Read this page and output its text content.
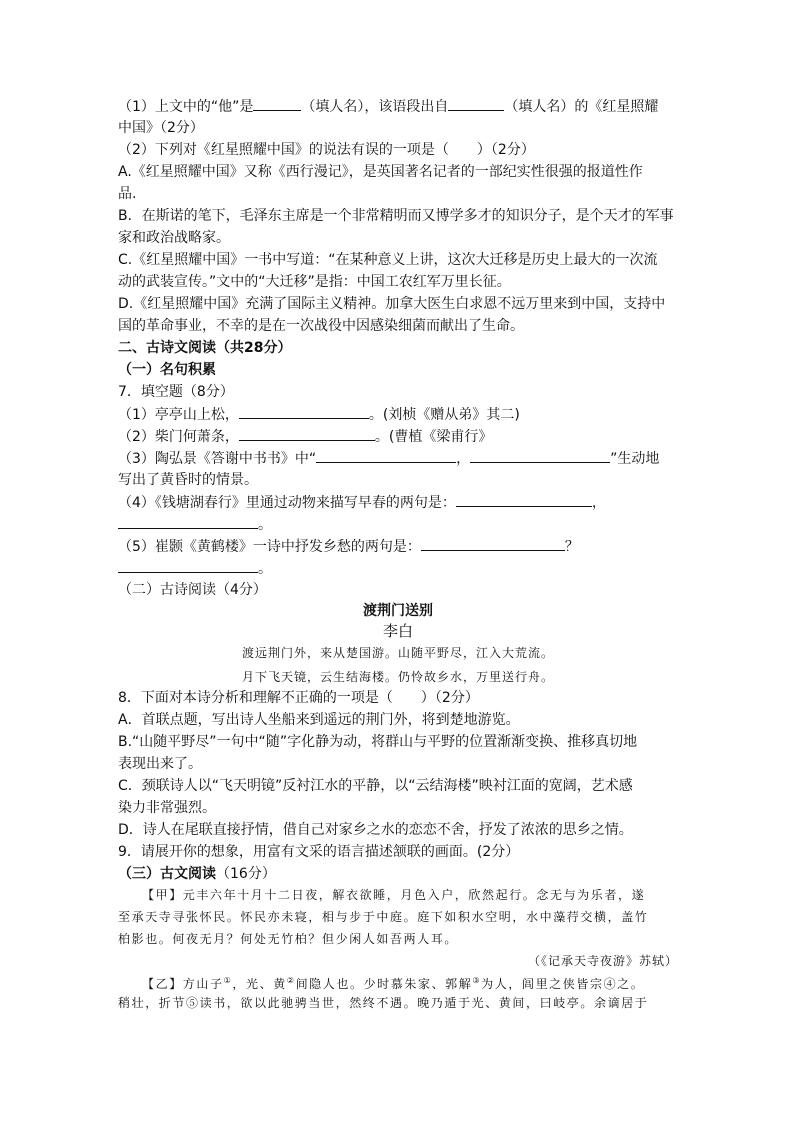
（1）上文中的“他”是	（填人名），该语段出自	（填人名）的《红星照耀
中国》（2分）
（2）下列对《红星照耀中国》的说法有误的一项是（　　）（2分）
A.《红星照耀中国》又称《西行漫记》，是英国著名记者的一部纪实性很强的报道性作
品.
B．在斯诺的笔下，毛泽东主席是一个非常精明而又博学多才的知识分子，是个天才的军事
家和政治战略家。
C.《红星照耀中国》一书中写道：“在某种意义上讲，这次大迁移是历史上最大的一次流
动的武装宣传。”文中的“大迁移”是指：中国工农红军万里长征。
D.《红星照耀中国》充满了国际主义精神。加拿大医生白求恩不远万里来到中国，支持中
国的革命事业，不幸的是在一次战役中因感染细菌而献出了生命。
二、古诗文阅读（共28分）
（一）名句积累
7．填空题（8分）
（1）亭亭山上松，	。(刘桢《赠从弟》其二)
（2）柴门何萧条，	。(曹植《梁甫行》
（3）陶弘景《答谢中书书》中“	，	”生动地
写出了黄昏时的情景。
（4）《钱塘湖春行》里通过动物来描写早春的两句是：	，
。
（5）崔颢《黄鹤楼》一诗中抒发乡愁的两句是：	？
。
（二）古诗阅读（4分）
渡荆门送别
李白
渡远荆门外，来从楚国游。山随平野尽，江入大荒流。
月下飞天镜，云生结海楼。仍怜故乡水，万里送行舟。
8．下面对本诗分析和理解不正确的一项是（　　）（2分）
A．首联点题，写出诗人坐船来到遥远的荆门外，将到楚地游览。
B.“山随平野尽”一句中“随”字化静为动，将群山与平野的位置渐渐变换、推移真切地
表现出来了。
C．颈联诗人以“飞天明镜”反衬江水的平静，以“云结海楼”映衬江面的宽阔，艺术感
染力非常强烈。
D．诗人在尾联直接抒情，借自己对家乡之水的恋恋不舍，抒发了浓浓的思乡之情。
9．请展开你的想象，用富有文采的语言描述颔联的画面。(2分）
（三）古文阅读（16分）
【甲】元丰六年十月十二日夜，解衣欲睡，月色入户，欣然起行。念无与为乐者，遂
至承天寺寻张怀民。怀民亦未寝，相与步于中庭。庭下如积水空明，水中藻荇交横，盖竹
柏影也。何夜无月？何处无竹柏？但少闲人如吾两人耳。
（《记承天寺夜游》苏轼）
【乙】方山子①，光、黄②间隐人也。少时慕朱家、郭解③为人，闾里之侠皆宗④之。
稍壮，折节⑤读书，欲以此驰骋当世，然终不遇。晚乃遁于光、黄间，曰岐亭。余谪居于
